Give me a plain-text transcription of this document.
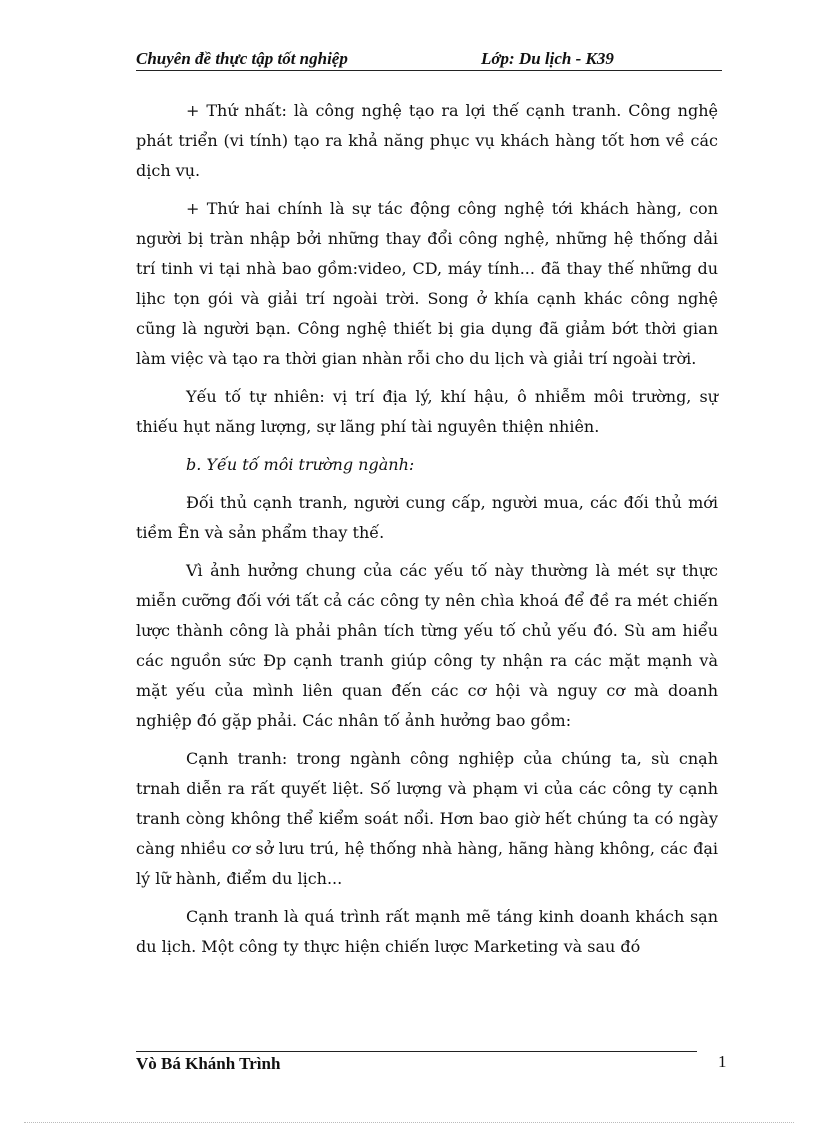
Chuyên đề thực tập tốt nghiệp	Lớp: Du lịch - K39

+ Thứ nhất: là công nghệ tạo ra lợi thế cạnh tranh. Công nghệ phát triển (vi tính) tạo ra khả năng phục vụ khách hàng tốt hơn về các dịch vụ.

+ Thứ hai chính là sự tác động công nghệ tới khách hàng, con người bị tràn nhập bởi những thay đổi công nghệ, những hệ thống dải trí tinh vi tại nhà bao gồm:video, CD, máy tính... đã thay thế những du lịhc tọn gói và giải trí ngoài trời. Song ở khía cạnh khác công nghệ cũng là người bạn. Công nghệ thiết bị gia dụng đã giảm bớt thời gian làm việc và tạo ra thời gian nhàn rỗi cho du lịch và giải trí ngoài trời.

Yếu tố tự nhiên: vị trí địa lý, khí hậu, ô nhiễm môi trường, sự thiếu hụt năng lượng, sự lãng phí tài nguyên thiện nhiên.

b. Yếu tố môi trường ngành:

Đối thủ cạnh tranh, người cung cấp, người mua, các đối thủ mới tiềm Ên và sản phẩm thay thế.

Vì ảnh hưởng chung của các yếu tố này thường là mét sự thực miễn cưỡng đối với tất cả các công ty nên chìa khoá để đề ra mét chiến lược thành công là phải phân tích từng yếu tố chủ yếu đó. Sù am hiểu các nguồn sức Ðp cạnh tranh giúp công ty nhận ra các mặt mạnh và mặt yếu của mình liên quan đến các cơ hội và nguy cơ mà doanh nghiệp đó gặp phải. Các nhân tố ảnh hưởng bao gồm:

Cạnh tranh: trong ngành công nghiệp của chúng ta, sù cnạh trnah diễn ra rất quyết liệt. Số lượng và phạm vi của các công ty cạnh tranh còng không thể kiểm soát nổi. Hơn bao giờ hết chúng ta có ngày càng nhiều cơ sở lưu trú, hệ thống nhà hàng, hãng hàng không, các đại lý lữ hành, điểm du lịch...

Cạnh tranh là quá trình rất mạnh mẽ táng kinh doanh khách sạn du lịch. Một công ty thực hiện chiến lược Marketing và sau đó

Vò Bá Khánh Trình	1
